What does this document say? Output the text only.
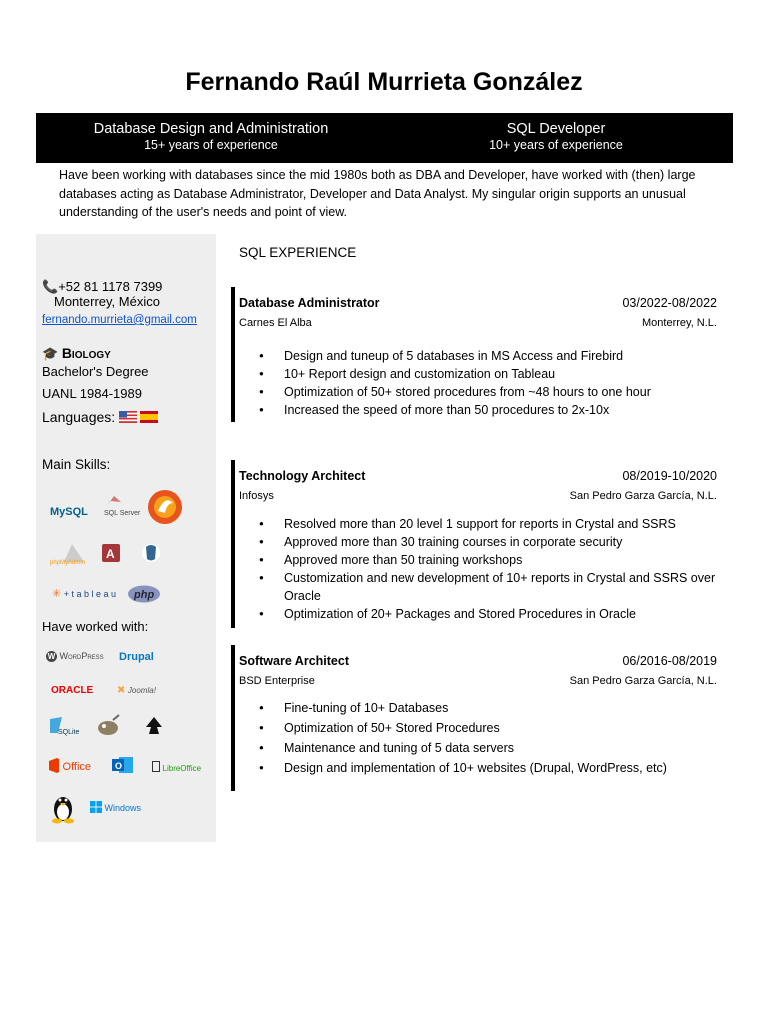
Fernando Raúl Murrieta González
Database Design and Administration
15+ years of experience
SQL Developer
10+ years of experience
Have been working with databases since the mid 1980s both as DBA and Developer, have worked with (then) large databases acting as Database Administrator, Developer and Data Analyst. My singular origin supports an unusual understanding of the user's needs and point of view.
📞+52 81 1178 7399
Monterrey, México
fernando.murrieta@gmail.com
🎓 Biology
Bachelor's Degree
UANL 1984-1989
Languages:
Main Skills:
MySQL SQL Server
phpMyAdmin
A
✳ + t a b l e a u php
Have worked with:
W WordPress Drupal
ORACLE ✖ Joomla!
SQLite
Office	O	LibreOffice
Windows
SQL EXPERIENCE
Database Administrator	03/2022-08/2022
Carnes El Alba	Monterrey, N.L.
● Design and tuneup of 5 databases in MS Access and Firebird
● 10+ Report design and customization on Tableau
● Optimization of 50+ stored procedures from ~48 hours to one hour
● Increased the speed of more than 50 procedures to 2x-10x
Technology Architect	08/2019-10/2020
Infosys	San Pedro Garza García, N.L.
● Resolved more than 20 level 1 support for reports in Crystal and SSRS
● Approved more than 30 training courses in corporate security
● Approved more than 50 training workshops
● Customization and new development of 10+ reports in Crystal and SSRS over Oracle
● Optimization of 20+ Packages and Stored Procedures in Oracle
Software Architect	06/2016-08/2019
BSD Enterprise	San Pedro Garza García, N.L.
● Fine-tuning of 10+ Databases
● Optimization of 50+ Stored Procedures
● Maintenance and tuning of 5 data servers
● Design and implementation of 10+ websites (Drupal, WordPress, etc)
